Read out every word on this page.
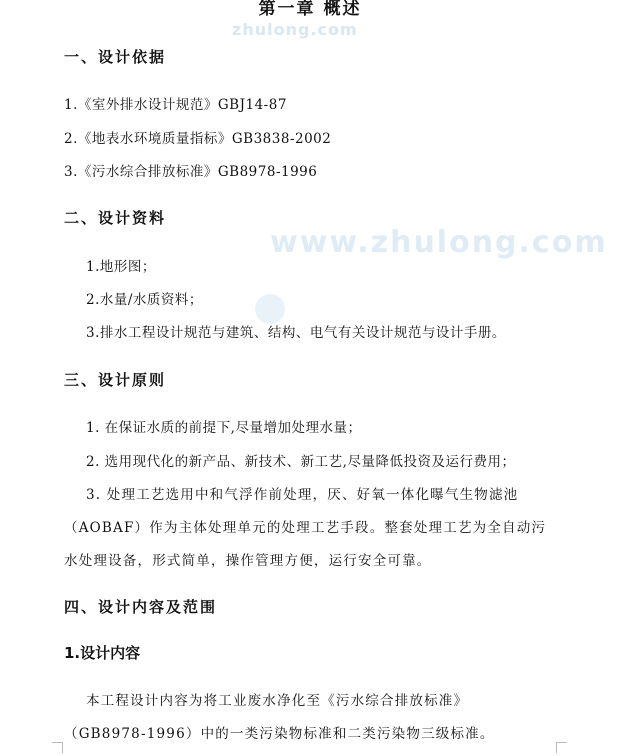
zhulong.com
www.zhulong.com
第一章 概述
一、设计依据
1.《室外排水设计规范》GBJ14-87
2.《地表水环境质量指标》GB3838-2002
3.《污水综合排放标准》GB8978-1996
二、设计资料
1.地形图；
2.水量/水质资料；
3.排水工程设计规范与建筑、结构、电气有关设计规范与设计手册。
三、设计原则
1. 在保证水质的前提下,尽量增加处理水量；
2. 选用现代化的新产品、新技术、新工艺,尽量降低投资及运行费用；
3. 处理工艺选用中和气浮作前处理，厌、好氧一体化曝气生物滤池
（AOBAF）作为主体处理单元的处理工艺手段。整套处理工艺为全自动污
水处理设备，形式简单，操作管理方便，运行安全可靠。
四、设计内容及范围
1.设计内容
本工程设计内容为将工业废水净化至《污水综合排放标准》
（GB8978-1996）中的一类污染物标准和二类污染物三级标准。
